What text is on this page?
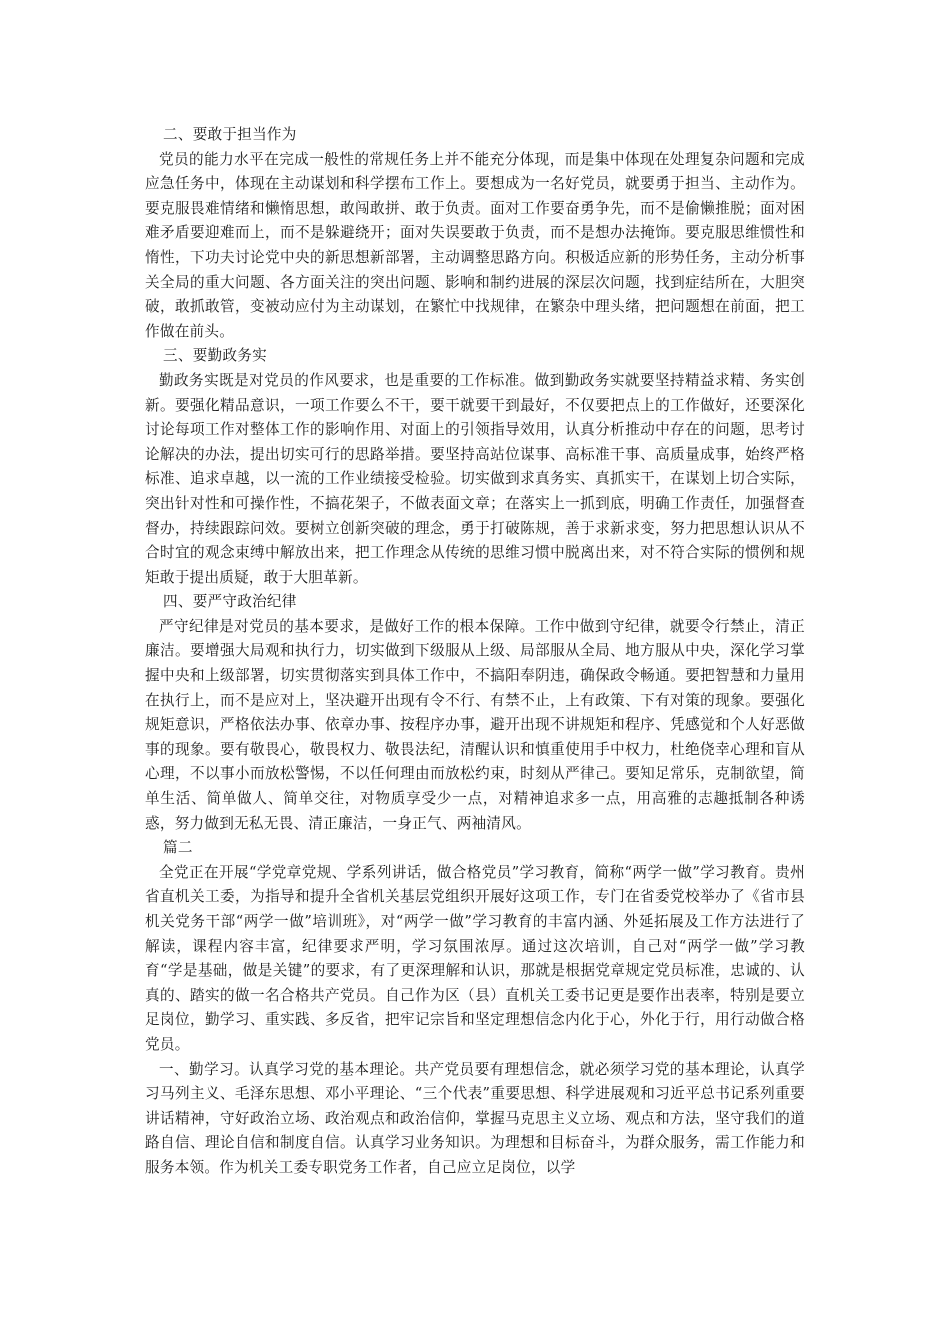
二、要敢于担当作为

党员的能力水平在完成一般性的常规任务上并不能充分体现，而是集中体现在处理复杂问题和完成应急任务中，体现在主动谋划和科学摆布工作上。要想成为一名好党员，就要勇于担当、主动作为。要克服畏难情绪和懒惰思想，敢闯敢拼、敢于负责。面对工作要奋勇争先，而不是偷懒推脱；面对困难矛盾要迎难而上，而不是躲避绕开；面对失误要敢于负责，而不是想办法掩饰。要克服思维惯性和惰性，下功夫讨论党中央的新思想新部署，主动调整思路方向。积极适应新的形势任务，主动分析事关全局的重大问题、各方面关注的突出问题、影响和制约进展的深层次问题，找到症结所在，大胆突破，敢抓敢管，变被动应付为主动谋划，在繁忙中找规律，在繁杂中理头绪，把问题想在前面，把工作做在前头。

三、要勤政务实

勤政务实既是对党员的作风要求，也是重要的工作标准。做到勤政务实就要坚持精益求精、务实创新。要强化精品意识，一项工作要么不干，要干就要干到最好，不仅要把点上的工作做好，还要深化讨论每项工作对整体工作的影响作用、对面上的引领指导效用，认真分析推动中存在的问题，思考讨论解决的办法，提出切实可行的思路举措。要坚持高站位谋事、高标准干事、高质量成事，始终严格标准、追求卓越，以一流的工作业绩接受检验。切实做到求真务实、真抓实干，在谋划上切合实际，突出针对性和可操作性，不搞花架子，不做表面文章；在落实上一抓到底，明确工作责任，加强督查督办，持续跟踪问效。要树立创新突破的理念，勇于打破陈规，善于求新求变，努力把思想认识从不合时宜的观念束缚中解放出来，把工作理念从传统的思维习惯中脱离出来，对不符合实际的惯例和规矩敢于提出质疑，敢于大胆革新。

四、要严守政治纪律

严守纪律是对党员的基本要求，是做好工作的根本保障。工作中做到守纪律，就要令行禁止，清正廉洁。要增强大局观和执行力，切实做到下级服从上级、局部服从全局、地方服从中央，深化学习掌握中央和上级部署，切实贯彻落实到具体工作中，不搞阳奉阴违，确保政令畅通。要把智慧和力量用在执行上，而不是应对上，坚决避开出现有令不行、有禁不止，上有政策、下有对策的现象。要强化规矩意识，严格依法办事、依章办事、按程序办事，避开出现不讲规矩和程序、凭感觉和个人好恶做事的现象。要有敬畏心，敬畏权力、敬畏法纪，清醒认识和慎重使用手中权力，杜绝侥幸心理和盲从心理，不以事小而放松警惕，不以任何理由而放松约束，时刻从严律己。要知足常乐，克制欲望，简单生活、简单做人、简单交往，对物质享受少一点，对精神追求多一点，用高雅的志趣抵制各种诱惑，努力做到无私无畏、清正廉洁，一身正气、两袖清风。

篇二

全党正在开展“学党章党规、学系列讲话，做合格党员”学习教育，简称“两学一做”学习教育。贵州省直机关工委，为指导和提升全省机关基层党组织开展好这项工作，专门在省委党校举办了《省市县机关党务干部“两学一做”培训班》，对“两学一做”学习教育的丰富内涵、外延拓展及工作方法进行了解读，课程内容丰富，纪律要求严明，学习氛围浓厚。通过这次培训，自己对“两学一做”学习教育“学是基础，做是关键”的要求，有了更深理解和认识，那就是根据党章规定党员标准，忠诚的、认真的、踏实的做一名合格共产党员。自己作为区（县）直机关工委书记更是要作出表率，特别是要立足岗位，勤学习、重实践、多反省，把牢记宗旨和坚定理想信念内化于心，外化于行，用行动做合格党员。

一、勤学习。认真学习党的基本理论。共产党员要有理想信念，就必须学习党的基本理论，认真学习马列主义、毛泽东思想、邓小平理论、“三个代表”重要思想、科学进展观和习近平总书记系列重要讲话精神，守好政治立场、政治观点和政治信仰，掌握马克思主义立场、观点和方法，坚守我们的道路自信、理论自信和制度自信。认真学习业务知识。为理想和目标奋斗，为群众服务，需工作能力和服务本领。作为机关工委专职党务工作者，自己应立足岗位，以学
